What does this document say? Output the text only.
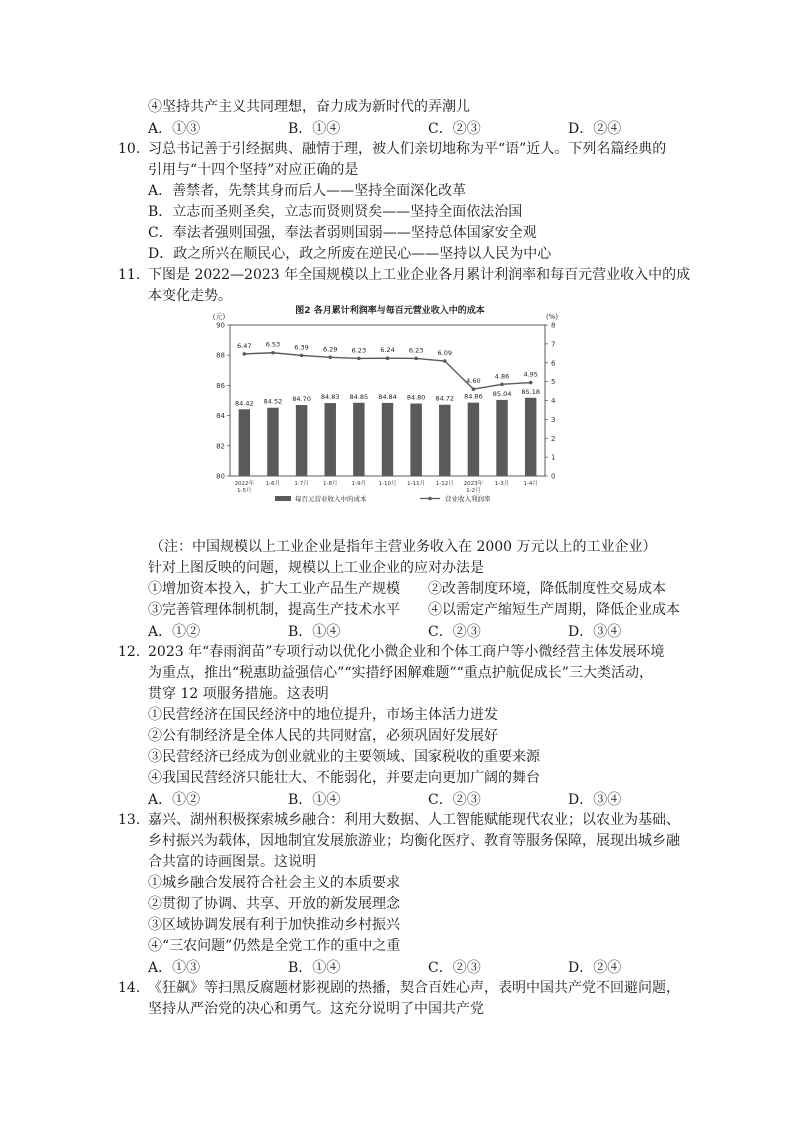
④坚持共产主义共同理想，奋力成为新时代的弄潮儿
A．①③	B．①④	C．②③	D．②④
10. 习总书记善于引经据典、融情于理，被人们亲切地称为平“语”近人。下列名篇经典的
引用与“十四个坚持”对应正确的是
A．善禁者，先禁其身而后人——坚持全面深化改革
B．立志而圣则圣矣，立志而贤则贤矣——坚持全面依法治国
C．奉法者强则国强，奉法者弱则国弱——坚持总体国家安全观
D．政之所兴在顺民心，政之所废在逆民心——坚持以人民为中心
11. 下图是 2022—2023 年全国规模以上工业企业各月累计利润率和每百元营业收入中的成
本变化走势。
图2 各月累计利润率与每百元营业收入中的成本
(元)	(%)
80
82
84
86
88
90
0
1
2
3
4
5
6
7
8
84.42 84.52 84.70 84.83 84.85 84.84 84.80 84.72 84.86 85.04 85.18
6.47 6.53 6.39 6.29 6.23 6.24 6.23 6.09
4.60
4.86 4.95
2022年
1-5月
1-6月	1-7月	1-8月	1-9月 1-10月 1-11月 1-12月 2023年
1-2月
1-3月	1-4月
每百元营业收入中的成本	营业收入利润率
（注：中国规模以上工业企业是指年主营业务收入在 2000 万元以上的工业企业）
针对上图反映的问题，规模以上工业企业的应对办法是
①增加资本投入，扩大工业产品生产规模 ②改善制度环境，降低制度性交易成本
③完善管理体制机制，提高生产技术水平 ④以需定产缩短生产周期，降低企业成本
A．①②	B．①④	C．②③	D．③④
12. 2023 年“春雨润苗”专项行动以优化小微企业和个体工商户等小微经营主体发展环境
为重点，推出“税惠助益强信心”“实措纾困解难题”“重点护航促成长”三大类活动，
贯穿 12 项服务措施。这表明
①民营经济在国民经济中的地位提升，市场主体活力迸发
②公有制经济是全体人民的共同财富，必须巩固好发展好
③民营经济已经成为创业就业的主要领域、国家税收的重要来源
④我国民营经济只能壮大、不能弱化，并要走向更加广阔的舞台
A．①②	B．①④	C．②③	D．③④
13. 嘉兴、湖州积极探索城乡融合：利用大数据、人工智能赋能现代农业；以农业为基础、
乡村振兴为载体，因地制宜发展旅游业；均衡化医疗、教育等服务保障，展现出城乡融
合共富的诗画图景。这说明
①城乡融合发展符合社会主义的本质要求
②贯彻了协调、共享、开放的新发展理念
③区域协调发展有利于加快推动乡村振兴
④“三农问题”仍然是全党工作的重中之重
A．①③	B．①④	C．②③	D．②④
14. 《狂飙》等扫黑反腐题材影视剧的热播，契合百姓心声，表明中国共产党不回避问题，
坚持从严治党的决心和勇气。这充分说明了中国共产党
